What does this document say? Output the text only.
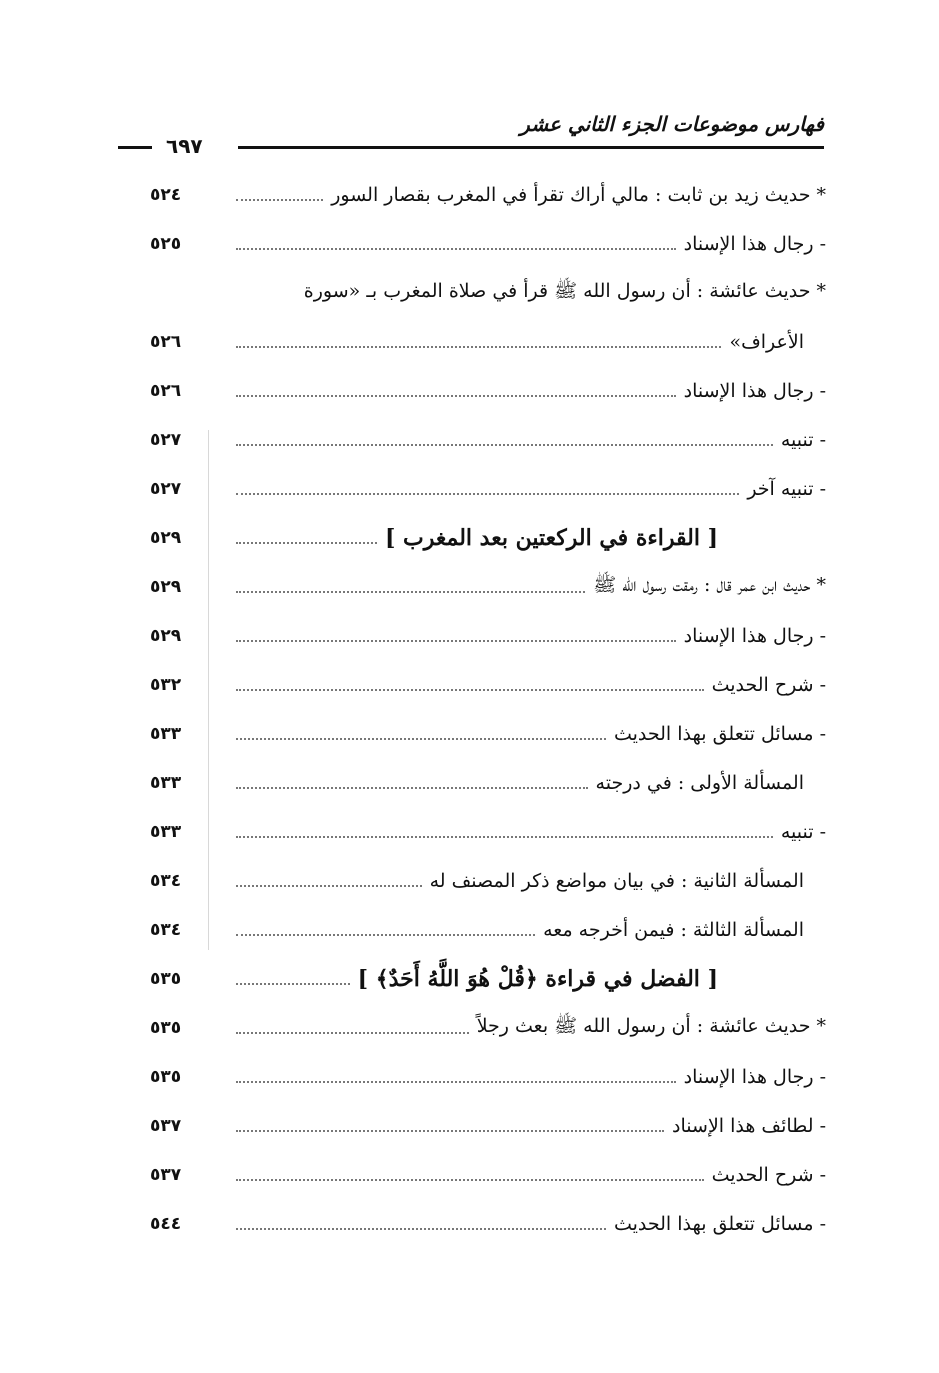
فهارس موضوعات الجزء الثاني عشر
٦٩٧
* حديث زيد بن ثابت : مالي أراك تقرأ في المغرب بقصار السور
٥٢٤
- رجال هذا الإسناد
٥٢٥
* حديث عائشة : أن رسول الله ﷺ قرأ في صلاة المغرب بـ «سورة
الأعراف»
٥٢٦
- رجال هذا الإسناد
٥٢٦
- تنبيه
٥٢٧
- تنبيه آخر
٥٢٧
[ القراءة في الركعتين بعد المغرب ]
٥٢٩
* حديث ابن عمر قال : رمقت رسول الله ﷺ
٥٢٩
- رجال هذا الإسناد
٥٢٩
- شرح الحديث
٥٣٢
- مسائل تتعلق بهذا الحديث
٥٣٣
المسألة الأولى : في درجته
٥٣٣
- تنبيه
٥٣٣
المسألة الثانية : في بيان مواضع ذكر المصنف له
٥٣٤
المسألة الثالثة : فيمن أخرجه معه
٥٣٤
[ الفضل في قراءة ﴿قُلْ هُوَ اللَّهُ أَحَدٌ﴾ ]
٥٣٥
* حديث عائشة : أن رسول الله ﷺ بعث رجلاً
٥٣٥
- رجال هذا الإسناد
٥٣٥
- لطائف هذا الإسناد
٥٣٧
- شرح الحديث
٥٣٧
- مسائل تتعلق بهذا الحديث
٥٤٤
